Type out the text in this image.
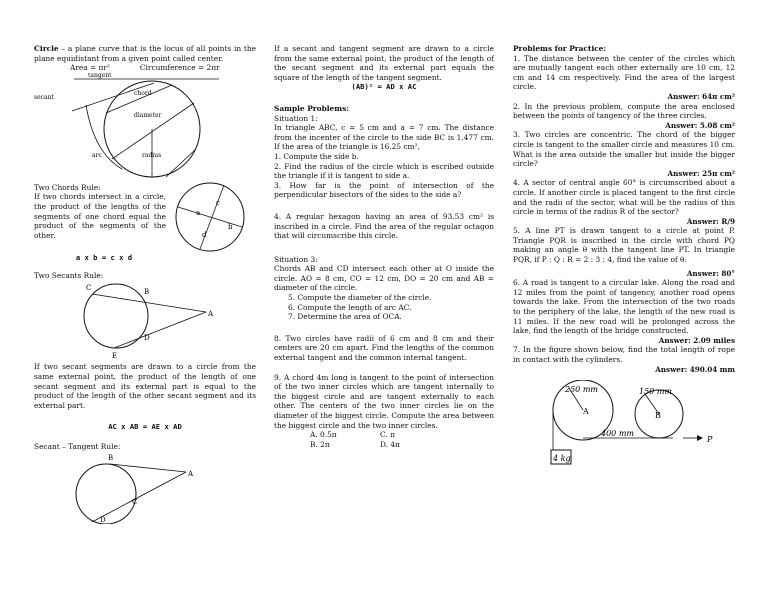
Circle – a plane curve that is the locus of all points in the plane equidistant from a given point called center.

Area = πr²	Circumference = 2πr

tangent
secant
chord
diameter
arc	radius

Two Chords Rule:

If two chords intersect in a circle, the product of the lengths of the segments of one chord equal the product of the segments of the other.

a
b
c
d

a x b = c x d

Two Secants Rule:

C	B
A
D
E

If two secant segments are drawn to a circle from the same external point, the product of the length of one secant segment and its external part is equal to the product of the length of the other secant segment and its external part.

AC x AB = AE x AD

Secant – Tangent Rule:

B
A
C
D

If a secant and tangent segment are drawn to a circle from the same external point, the product of the length of the secant segment and its external part equals the square of the length of the tangent segment.

(AB)² = AD x AC

Sample Problems:

Situation 1:

In triangle ABC, c = 5 cm and a = 7 cm. The distance from the incenter of the circle to the side BC is 1.477 cm. If the area of the triangle is 16.25 cm²,

1. Compute the side b.

2. Find the radius of the circle which is escribed outside the triangle if it is tangent to side a.

3. How far is the point of intersection of the perpendicular bisectors of the sides to the side a?

4. A regular hexagon having an area of 93.53 cm² is inscribed in a circle. Find the area of the regular octagon that will circumscribe this circle.

Situation 3:

Chords AB and CD intersect each other at O inside the circle. AO = 8 cm, CO = 12 cm, DO = 20 cm and AB = diameter of the circle.

5. Compute the diameter of the circle.

6. Compute the length of arc AC.

7. Determine the area of OCA.

8. Two circles have radii of 6 cm and 8 cm and their centers are 20 cm apart. Find the lengths of the common external tangent and the common internal tangent.

9. A chord 4m long is tangent to the point of intersection of the two inner circles which are tangent internally to the biggest circle and are tangent externally to each other. The centers of the two inner circles lie on the diameter of the biggest circle. Compute the area between the biggest circle and the two inner circles.

A. 0.5π	C. π

B. 2π	D. 4π

Problems for Practice:

1. The distance between the center of the circles which are mutually tangent each other externally are 10 cm, 12 cm and 14 cm respectively. Find the area of the largest circle.

Answer: 64π cm²

2. In the previous problem, compute the area enclosed between the points of tangency of the three circles.

Answer: 5.08 cm²

3. Two circles are concentric. The chord of the bigger circle is tangent to the smaller circle and measures 10 cm. What is the area outside the smaller but inside the bigger circle?

Answer: 25π cm²

4. A sector of central angle 60° is circumscribed about a circle. If another circle is placed tangent to the first circle and the radii of the sector, what will be the radius of this circle in terms of the radius R of the sector?

Answer: R/9

5. A line PT is drawn tangent to a circle at point P. Triangle PQR is inscribed in the circle with chord PQ making an angle θ with the tangent line PT. In triangle PQR, if P : Q : R = 2 : 3 : 4, find the value of θ.

Answer: 80°

6. A road is tangent to a circular lake. Along the road and 12 miles from the point of tangency, another road opens towards the lake. From the intersection of the two roads to the periphery of the lake, the length of the new road is 11 miles. If the new road will be prolonged across the lake, find the length of the bridge constructed.

Answer: 2.09 miles

7. In the figure shown below, find the total length of rope in contact with the cylinders.

Answer: 490.04 mm

250 mm	150 mm
A	B
400 mm
P
4 kg
